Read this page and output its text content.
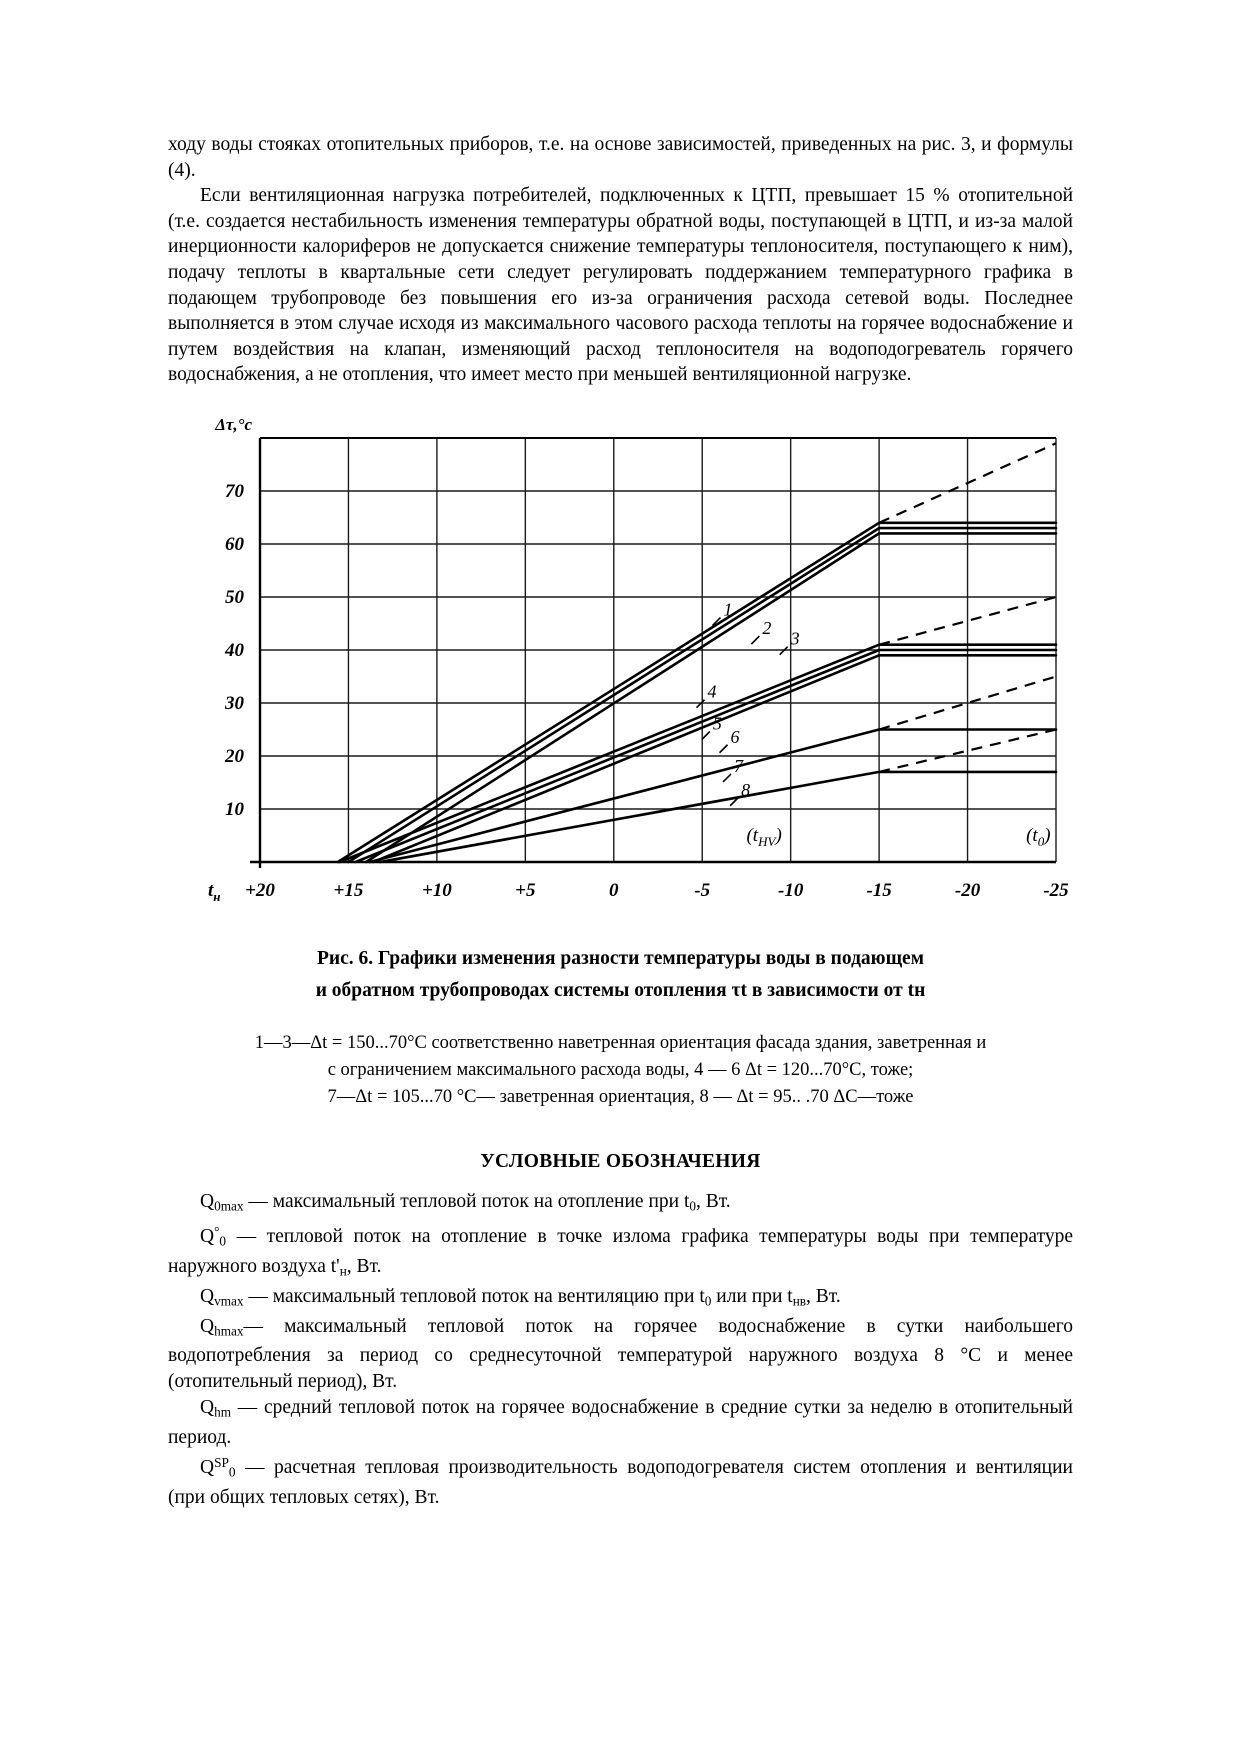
ходу воды стояках отопительных приборов, т.е. на основе зависимостей, приведенных на рис. 3, и формулы (4).

Если вентиляционная нагрузка потребителей, подключенных к ЦТП, превышает 15 % отопительной (т.е. создается нестабильность изменения температуры обратной воды, поступающей в ЦТП, и из-за малой инерционности калориферов не допускается снижение температуры теплоносителя, поступающего к ним), подачу теплоты в квартальные сети следует регулировать поддержанием температурного графика в подающем трубопроводе без повышения его из-за ограничения расхода сетевой воды. Последнее выполняется в этом случае исходя из максимального часового расхода теплоты на горячее водоснабжение и путем воздействия на клапан, изменяющий расход теплоносителя на водоподогреватель горячего водоснабжения, а не отопления, что имеет место при меньшей вентиляционной нагрузке.

10
20
30
40
50
60
70
Δτ,°c
+20	+15	+10	+5	0	-5	-10	-15	-20	-25
$t_н$
$(t_{HV})$	$(t_0)$
1
2
3
4
5
6
7
8

Рис. 6. Графики изменения разности температуры воды в подающем

и обратном трубопроводах системы отопления τt в зависимости от tн

1—3—Δt = 150...70°С соответственно наветренная ориентация фасада здания, заветренная и
с ограничением максимального расхода воды, 4 — 6 Δt = 120...70°С, тоже;
7—Δt = 105...70 °С— заветренная ориентация, 8 — Δt = 95.. .70 ΔС—тоже
УСЛОВНЫЕ ОБОЗНАЧЕНИЯ

$Q_{0max}$ — максимальный тепловой поток на отопление при $t_0$, Вт.

$Q^\circ_0$ — тепловой поток на отопление в точке излома графика температуры воды при температуре наружного воздуха $t'_н$, Вт.

$Q_{vmax}$ — максимальный тепловой поток на вентиляцию при $t_0$ или при $t_{нв}$, Вт.

$Q_{hmax}—$ максимальный тепловой поток на горячее водоснабжение в сутки наибольшего водопотребления за период со среднесуточной температурой наружного воздуха 8 °С и менее (отопительный период), Вт.

$Q_{hm}$ — средний тепловой поток на горячее водоснабжение в средние сутки за неделю в отопительный период.

$Q^{SP}_0$ — расчетная тепловая производительность водоподогревателя систем отопления и вентиляции (при общих тепловых сетях), Вт.
